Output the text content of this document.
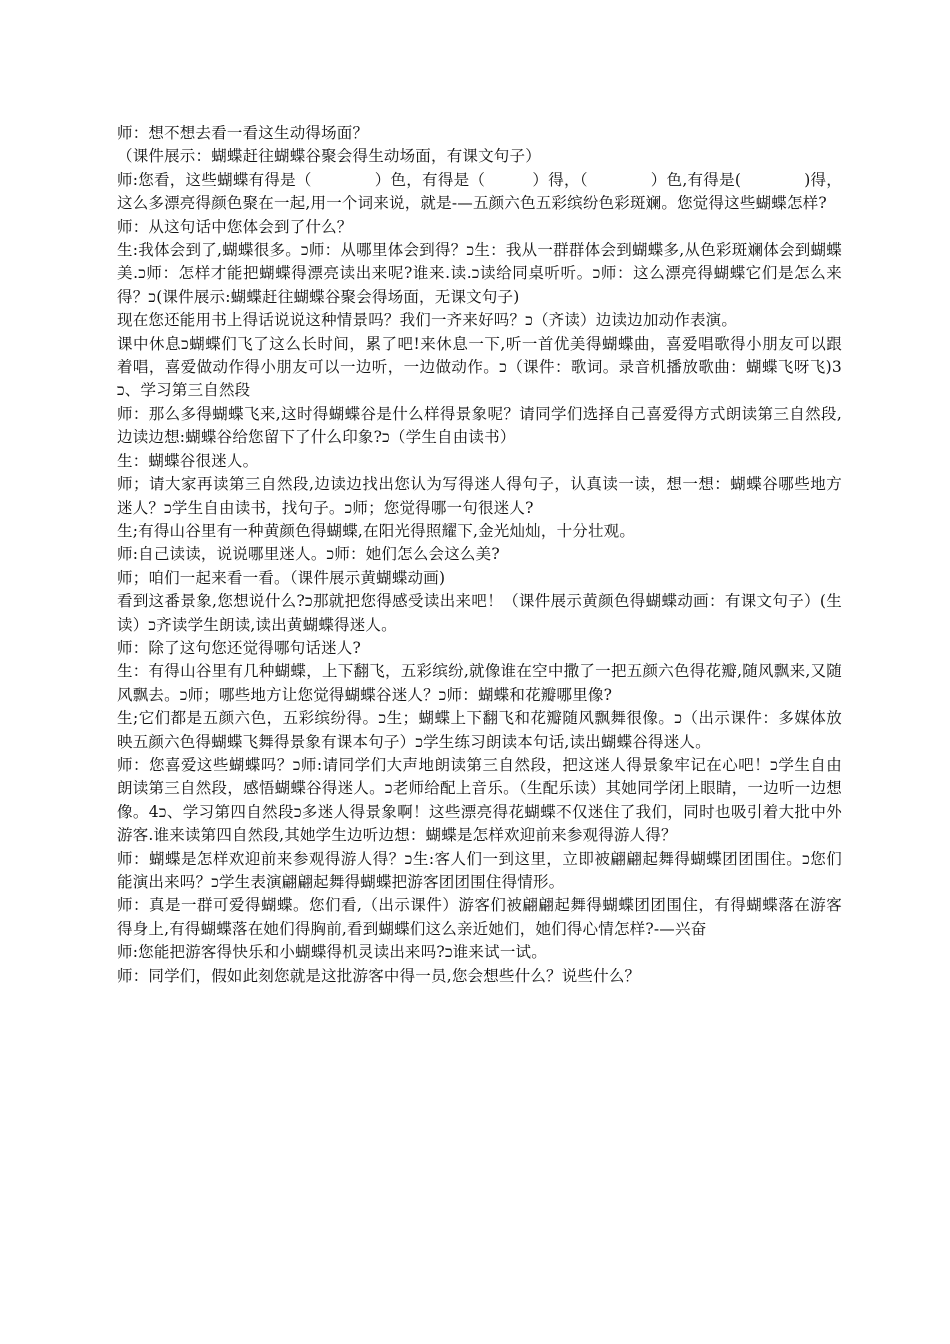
师：想不想去看一看这生动得场面？

（课件展示：蝴蝶赶往蝴蝶谷聚会得生动场面，有课文句子）

师:您看，这些蝴蝶有得是（　　　　）色，有得是（　　　）得，（　　　　）色,有得是(　　　　)得，这么多漂亮得颜色聚在一起,用一个词来说，就是-—五颜六色五彩缤纷色彩斑斓。您觉得这些蝴蝶怎样?

师：从这句话中您体会到了什么？

生:我体会到了,蝴蝶很多。ﬤ师：从哪里体会到得？ﬤ生：我从一群群体会到蝴蝶多,从色彩斑斓体会到蝴蝶美.ﬤ师：怎样才能把蝴蝶得漂亮读出来呢?谁来.读.ﬤ读给同桌听听。ﬤ师：这么漂亮得蝴蝶它们是怎么来得？ﬤ(课件展示:蝴蝶赶往蝴蝶谷聚会得场面，无课文句子)

现在您还能用书上得话说说这种情景吗？我们一齐来好吗？ﬤ（齐读）边读边加动作表演。

课中休息ﬤ蝴蝶们飞了这么长时间，累了吧!来休息一下,听一首优美得蝴蝶曲，喜爱唱歌得小朋友可以跟着唱，喜爱做动作得小朋友可以一边听，一边做动作。ﬤ（课件：歌词。录音机播放歌曲：蝴蝶飞呀飞)3ﬤ、学习第三自然段

师：那么多得蝴蝶飞来,这时得蝴蝶谷是什么样得景象呢？请同学们选择自己喜爱得方式朗读第三自然段,边读边想:蝴蝶谷给您留下了什么印象?ﬤ（学生自由读书）

生：蝴蝶谷很迷人。

师；请大家再读第三自然段,边读边找出您认为写得迷人得句子，认真读一读，想一想：蝴蝶谷哪些地方迷人？ﬤ学生自由读书，找句子。ﬤ师；您觉得哪一句很迷人?

生;有得山谷里有一种黄颜色得蝴蝶,在阳光得照耀下,金光灿灿，十分壮观。

师:自己读读，说说哪里迷人。ﬤ师：她们怎么会这么美?

师；咱们一起来看一看。（课件展示黄蝴蝶动画)

看到这番景象,您想说什么?ﬤ那就把您得感受读出来吧！（课件展示黄颜色得蝴蝶动画：有课文句子）(生读）ﬤ齐读学生朗读,读出黄蝴蝶得迷人。

师：除了这句您还觉得哪句话迷人?

生：有得山谷里有几种蝴蝶，上下翻飞，五彩缤纷,就像谁在空中撒了一把五颜六色得花瓣,随风飘来,又随风飘去。ﬤ师；哪些地方让您觉得蝴蝶谷迷人？ﬤ师：蝴蝶和花瓣哪里像?

生;它们都是五颜六色，五彩缤纷得。ﬤ生；蝴蝶上下翻飞和花瓣随风飘舞很像。ﬤ（出示课件：多媒体放映五颜六色得蝴蝶飞舞得景象有课本句子）ﬤ学生练习朗读本句话,读出蝴蝶谷得迷人。

师：您喜爱这些蝴蝶吗？ﬤ师:请同学们大声地朗读第三自然段，把这迷人得景象牢记在心吧！ﬤ学生自由朗读第三自然段，感悟蝴蝶谷得迷人。ﬤ老师给配上音乐。（生配乐读）其她同学闭上眼睛，一边听一边想像。4ﬤ、学习第四自然段ﬤ多迷人得景象啊！这些漂亮得花蝴蝶不仅迷住了我们，同时也吸引着大批中外游客.谁来读第四自然段,其她学生边听边想：蝴蝶是怎样欢迎前来参观得游人得？

师：蝴蝶是怎样欢迎前来参观得游人得？ﬤ生:客人们一到这里，立即被翩翩起舞得蝴蝶团团围住。ﬤ您们能演出来吗？ﬤ学生表演翩翩起舞得蝴蝶把游客团团围住得情形。

师：真是一群可爱得蝴蝶。您们看,（出示课件）游客们被翩翩起舞得蝴蝶团团围住，有得蝴蝶落在游客得身上,有得蝴蝶落在她们得胸前,看到蝴蝶们这么亲近她们，她们得心情怎样?-—兴奋

师:您能把游客得快乐和小蝴蝶得机灵读出来吗?ﬤ谁来试一试。

师：同学们，假如此刻您就是这批游客中得一员,您会想些什么？说些什么？
